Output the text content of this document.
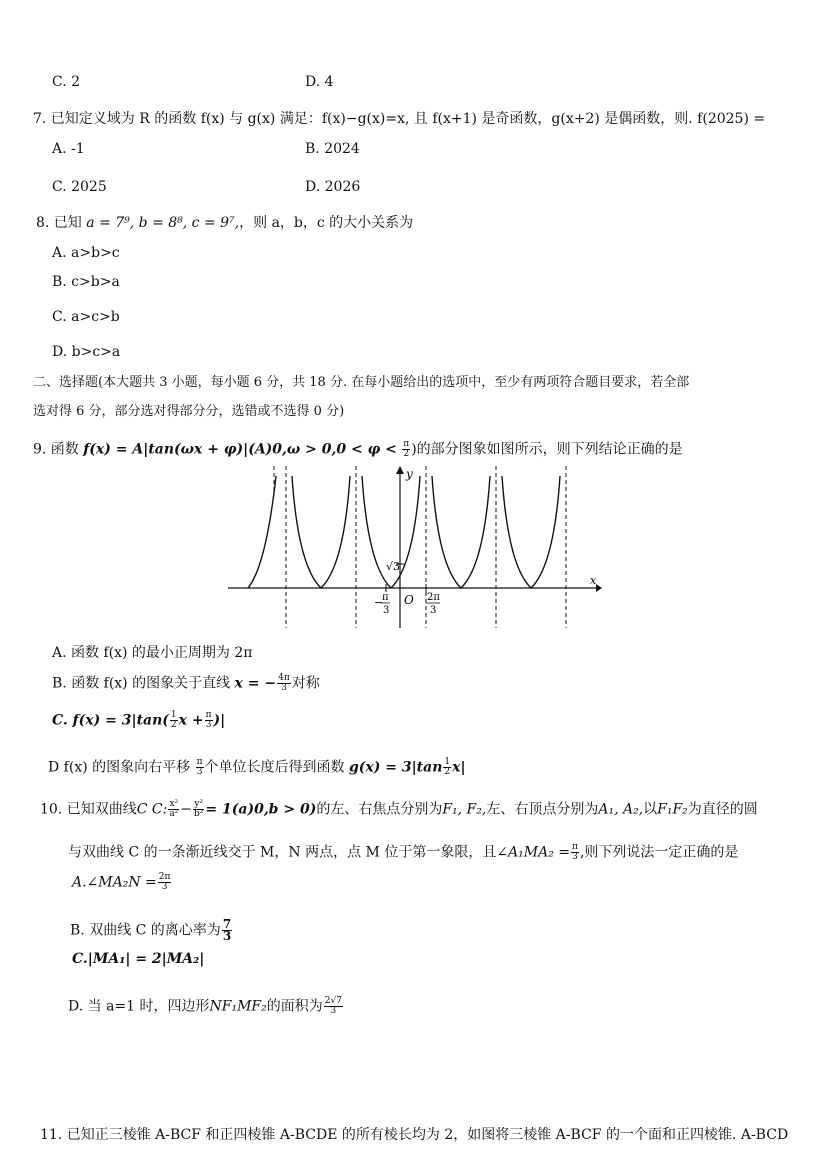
C. 2	D. 4
7. 已知定义域为 R 的函数 f(x) 与 g(x) 满足：f(x)−g(x)=x, 且 f(x+1) 是奇函数，g(x+2) 是偶函数，则. f(2025) =
A. -1	B. 2024
C. 2025	D. 2026
8. 已知 a = 7⁹, b = 8⁸, c = 9⁷,，则 a，b，c 的大小关系为
A. a>b>c
B. c>b>a
C. a>c>b
D. b>c>a
二、选择题(本大题共 3 小题，每小题 6 分，共 18 分. 在每小题给出的选项中，至少有两项符合题目要求，若全部
选对得 6 分，部分选对得部分分，选错或不选得 0 分)
9. 函数 $f(x) = A|\tan(\omega x + \varphi)|(A)0,\omega > 0,0 < \varphi < \frac{\pi}{2}$ )的部分图象如图所示，则下列结论正确的是
y
x
O
√3
−
π
3
2π
3
A. 函数 f(x) 的最小正周期为 2π
B. 函数 f(x) 的图象关于直线 x = − $\frac{4\pi}{3}$ 对称
C. $f(x) = 3|\tan( \frac{1}{2}$ $x + \frac{\pi}{3}$ )|
D f(x) 的图象向右平移 $\frac{\pi}{3}$ 个单位长度后得到函数 $g(x) = 3|\tan \frac{1}{2} x|$
10. 已知双曲线C C: $\frac{\text{x²}}{\text{a²}} - \frac{\text{y²}}{\text{b²}} = 1(a)0,b > 0$)的左、右焦点分别为F₁, F₂,左、右顶点分别为A₁, A₂,以F₁F₂为直径的圆
与双曲线 C 的一条渐近线交于 M，N 两点，点 M 位于第一象限，且∠A₁MA₂ = $\frac{\pi}{3}$ ,则下列说法一定正确的是
A.∠MA₂N = $\frac{2\pi}{3}$
B. 双曲线 C 的离心率为 $\frac{7}{3}$
C.|MA₁| = 2|MA₂|
D. 当 a=1 时，四边形NF₁MF₂的面积为 $\frac{2√7}{3}$
11. 已知正三棱锥 A-BCF 和正四棱锥 A-BCDE 的所有棱长均为 2，如图将三棱锥 A-BCF 的一个面和正四棱锥. A-BCD
